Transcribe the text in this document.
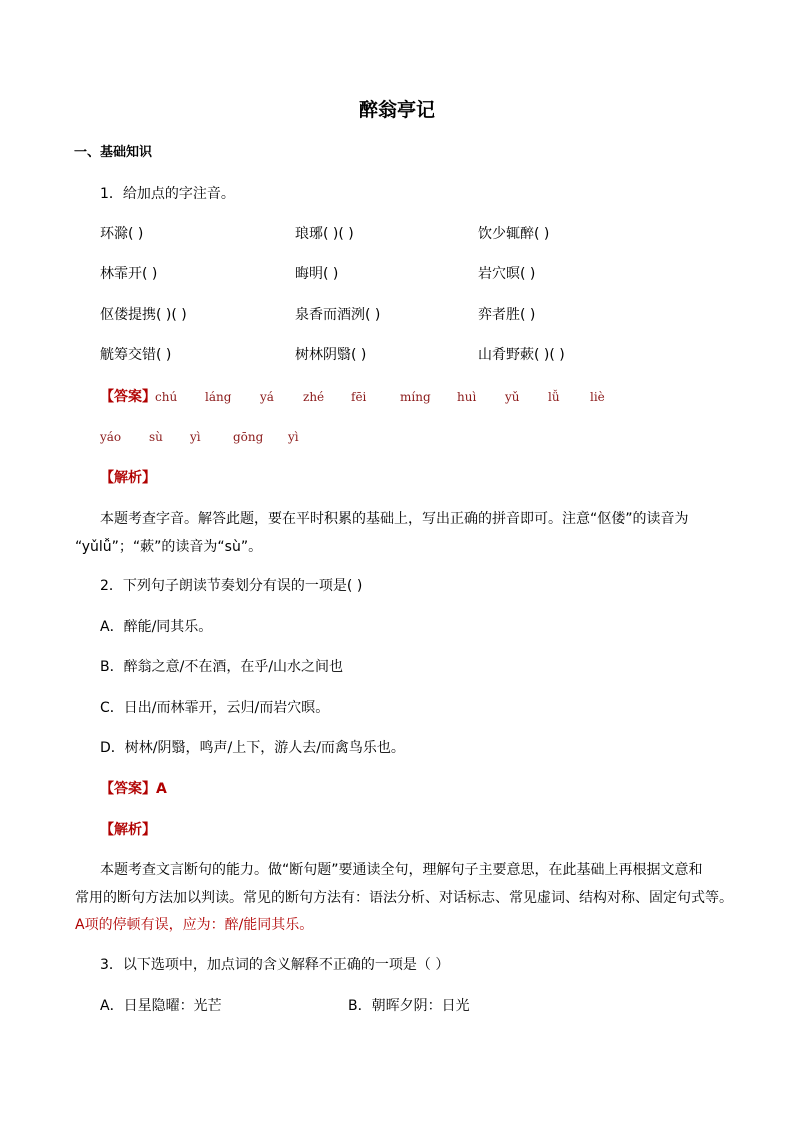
醉翁亭记
一、基础知识
1．给加点的字注音。
环滁( )	琅琊( )( )	饮少辄醉( )
林霏开( )	晦明( )	岩穴暝( )
伛偻提携( )( )	泉香而酒洌( )	弈者胜( )
觥筹交错( )	树林阴翳( )	山肴野蔌( )( )
【答案】 chú láng yá zhé fēi	míng huì yǔ lǚ	liè
yáo sù yì	gōng yì
【解析】
本题考查字音。解答此题，要在平时积累的基础上，写出正确的拼音即可。注意“伛偻”的读音为
“yǔlǚ”；“蔌”的读音为“sù”。
2．下列句子朗读节奏划分有误的一项是( )
A．醉能/同其乐。
B．醉翁之意/不在酒，在乎/山水之间也
C．日出/而林霏开，云归/而岩穴暝。
D．树林/阴翳，鸣声/上下，游人去/而禽鸟乐也。
【答案】A
【解析】
本题考查文言断句的能力。做“断句题”要通读全句，理解句子主要意思，在此基础上再根据文意和
常用的断句方法加以判读。常见的断句方法有：语法分析、对话标志、常见虚词、结构对称、固定句式等。
A项的停顿有误，应为：醉/能同其乐。
3．以下选项中，加点词的含义解释不正确的一项是（ ）
A．日星隐曜：光芒	B．朝晖夕阴：日光
